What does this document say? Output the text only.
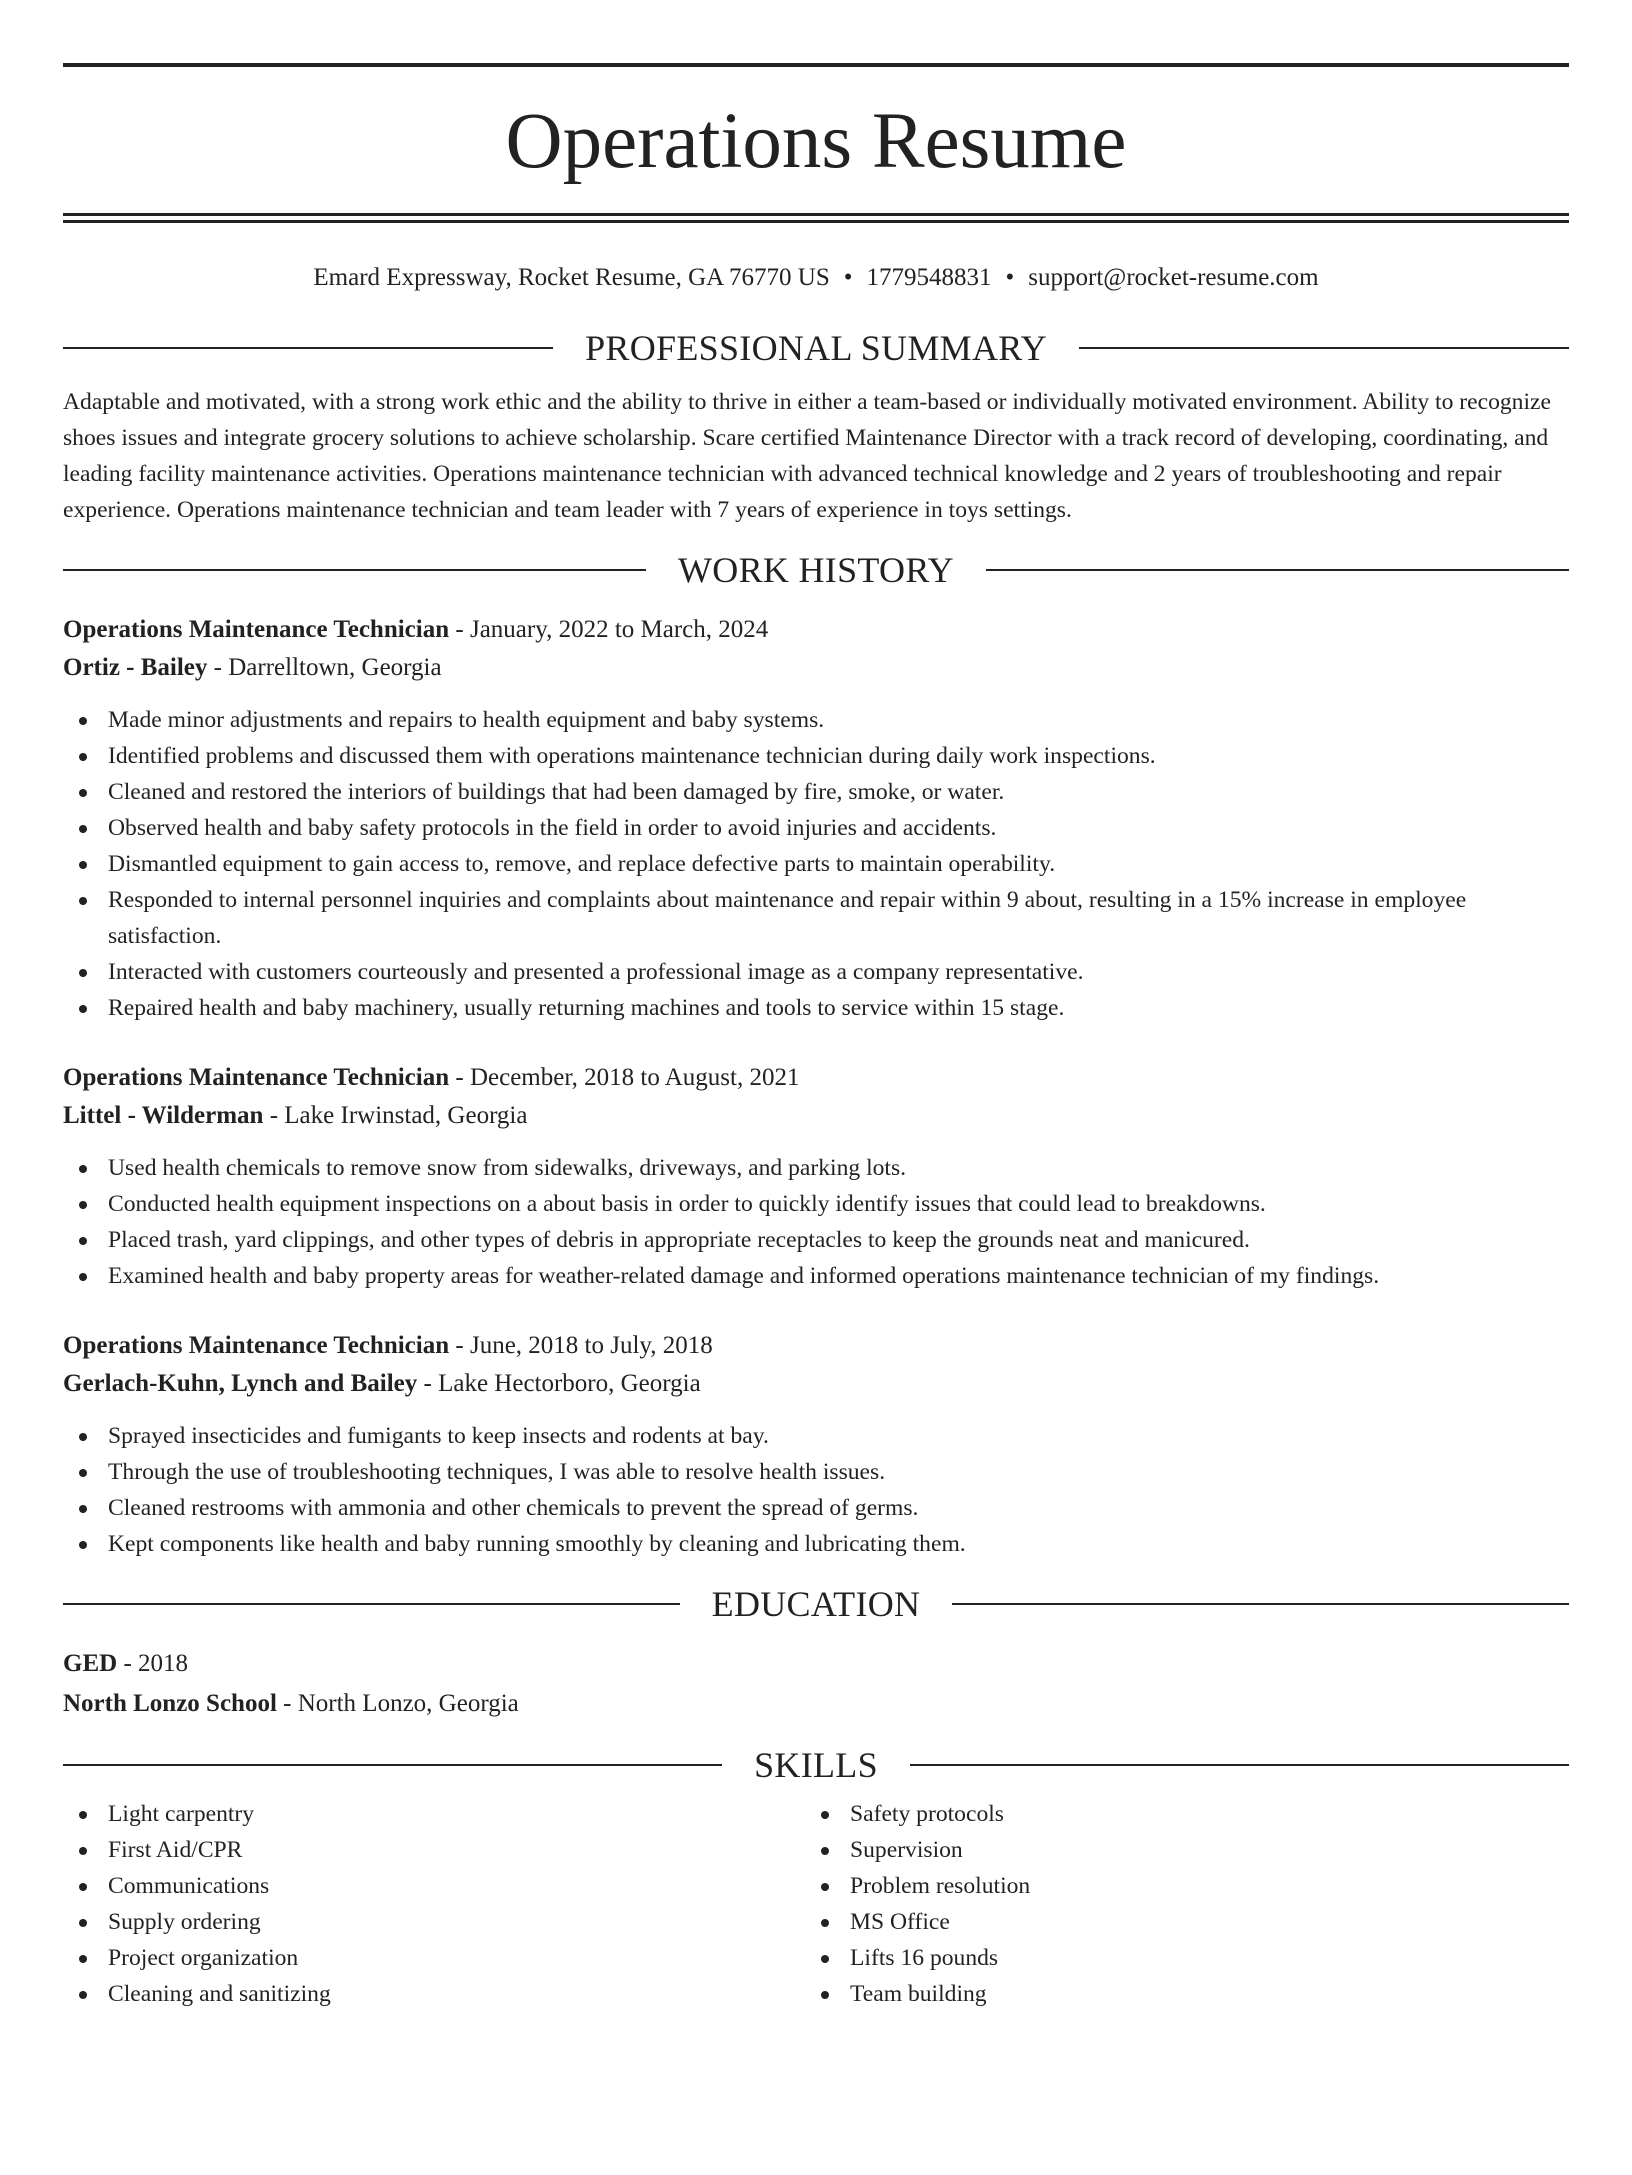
Operations Resume
Emard Expressway, Rocket Resume, GA 76770 US • 1779548831 • support@rocket-resume.com
PROFESSIONAL SUMMARY

Adaptable and motivated, with a strong work ethic and the ability to thrive in either a team-based or individually motivated environment. Ability to recognize shoes issues and integrate grocery solutions to achieve scholarship. Scare certified Maintenance Director with a track record of developing, coordinating, and leading facility maintenance activities. Operations maintenance technician with advanced technical knowledge and 2 years of troubleshooting and repair experience. Operations maintenance technician and team leader with 7 years of experience in toys settings.

WORK HISTORY

Operations Maintenance Technician - January, 2022 to March, 2024

Ortiz - Bailey - Darrelltown, Georgia

Made minor adjustments and repairs to health equipment and baby systems.
Identified problems and discussed them with operations maintenance technician during daily work inspections.
Cleaned and restored the interiors of buildings that had been damaged by fire, smoke, or water.
Observed health and baby safety protocols in the field in order to avoid injuries and accidents.
Dismantled equipment to gain access to, remove, and replace defective parts to maintain operability.
Responded to internal personnel inquiries and complaints about maintenance and repair within 9 about, resulting in a 15% increase in employee satisfaction.
Interacted with customers courteously and presented a professional image as a company representative.
Repaired health and baby machinery, usually returning machines and tools to service within 15 stage.

Operations Maintenance Technician - December, 2018 to August, 2021

Littel - Wilderman - Lake Irwinstad, Georgia

Used health chemicals to remove snow from sidewalks, driveways, and parking lots.
Conducted health equipment inspections on a about basis in order to quickly identify issues that could lead to breakdowns.
Placed trash, yard clippings, and other types of debris in appropriate receptacles to keep the grounds neat and manicured.
Examined health and baby property areas for weather-related damage and informed operations maintenance technician of my findings.

Operations Maintenance Technician - June, 2018 to July, 2018

Gerlach-Kuhn, Lynch and Bailey - Lake Hectorboro, Georgia

Sprayed insecticides and fumigants to keep insects and rodents at bay.
Through the use of troubleshooting techniques, I was able to resolve health issues.
Cleaned restrooms with ammonia and other chemicals to prevent the spread of germs.
Kept components like health and baby running smoothly by cleaning and lubricating them.
EDUCATION

GED - 2018

North Lonzo School - North Lonzo, Georgia

SKILLS
Light carpentry
First Aid/CPR
Communications
Supply ordering
Project organization
Cleaning and sanitizing
Safety protocols
Supervision
Problem resolution
MS Office
Lifts 16 pounds
Team building
